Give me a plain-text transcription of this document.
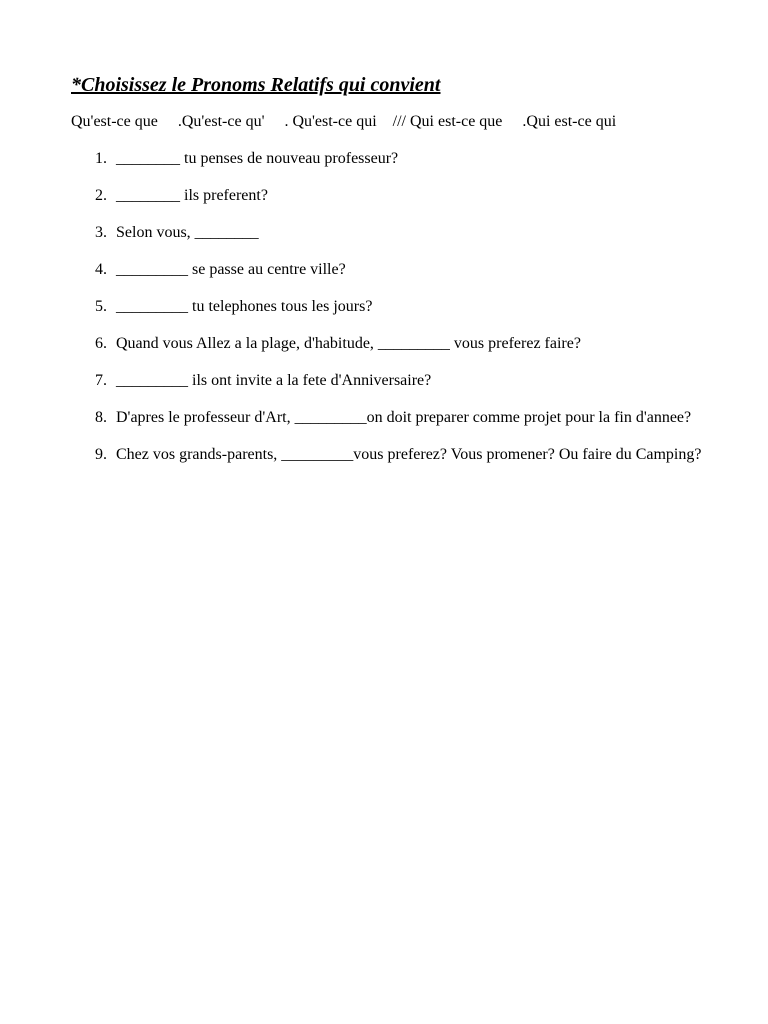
*Choisissez le Pronoms Relatifs qui convient
Qu'est-ce que     .Qu'est-ce qu'     . Qu'est-ce qui    /// Qui est-ce que     .Qui est-ce qui
1. ________ tu penses de nouveau professeur?
2. ________ ils preferent?
3. Selon vous, ________
4. _________ se passe au centre ville?
5. _________ tu telephones tous les jours?
6. Quand vous Allez a la plage, d'habitude, _________ vous preferez faire?
7. _________ ils ont invite a la fete d'Anniversaire?
8. D'apres le professeur d'Art, _________on doit preparer comme projet pour la fin d'annee?
9. Chez vos grands-parents, _________vous preferez? Vous promener? Ou faire du Camping?
